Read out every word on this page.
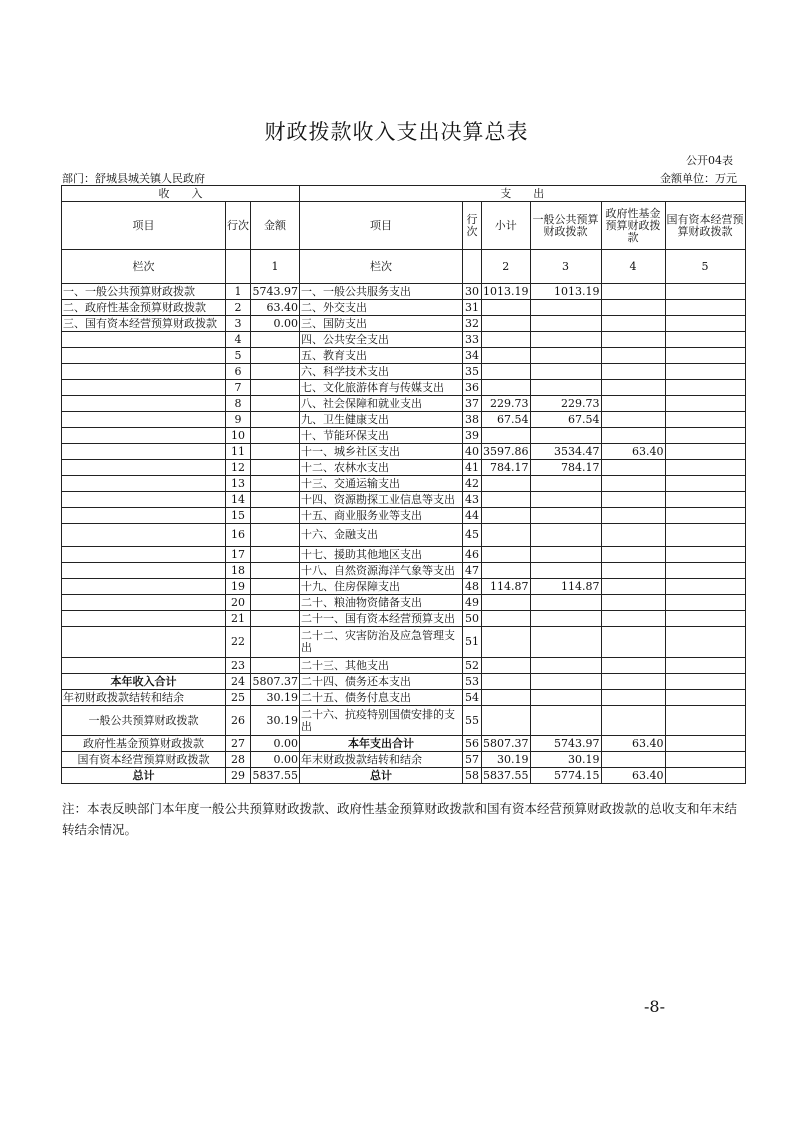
财政拨款收入支出决算总表
公开04表
部门：舒城县城关镇人民政府	金额单位：万元
收　　入			支　　出					
项目	行次	金额	项目	行次	小计	一般公共预算财政拨款	政府性基金预算财政拨款	国有资本经营预算财政拨款
栏次		1	栏次		2	3	4	5
一、一般公共预算财政拨款	1	5743.97	一、一般公共服务支出	30	1013.19	1013.19		
二、政府性基金预算财政拨款	2	63.40	二、外交支出	31				
三、国有资本经营预算财政拨款	3	0.00	三、国防支出	32				
	4		四、公共安全支出	33				
	5		五、教育支出	34				
	6		六、科学技术支出	35				
	7		七、文化旅游体育与传媒支出	36				
	8		八、社会保障和就业支出	37	229.73	229.73		
	9		九、卫生健康支出	38	67.54	67.54		
	10		十、节能环保支出	39				
	11		十一、城乡社区支出	40	3597.86	3534.47	63.40	
	12		十二、农林水支出	41	784.17	784.17		
	13		十三、交通运输支出	42				
	14		十四、资源勘探工业信息等支出	43				
	15		十五、商业服务业等支出	44				
	16		十六、金融支出	45				
	17		十七、援助其他地区支出	46				
	18		十八、自然资源海洋气象等支出	47				
	19		十九、住房保障支出	48	114.87	114.87		
	20		二十、粮油物资储备支出	49				
	21		二十一、国有资本经营预算支出	50				
	22		二十二、灾害防治及应急管理支出	51				
	23		二十三、其他支出	52				
本年收入合计	24	5807.37	二十四、债务还本支出	53				
年初财政拨款结转和结余	25	30.19	二十五、债务付息支出	54				
一般公共预算财政拨款	26	30.19	二十六、抗疫特别国债安排的支出	55				
政府性基金预算财政拨款	27	0.00	本年支出合计	56	5807.37	5743.97	63.40	
国有资本经营预算财政拨款	28	0.00	年末财政拨款结转和结余	57	30.19	30.19		
总计	29	5837.55	总计	58	5837.55	5774.15	63.40	
注：本表反映部门本年度一般公共预算财政拨款、政府性基金预算财政拨款和国有资本经营预算财政拨款的总收支和年末结转结余情况。
-8-
